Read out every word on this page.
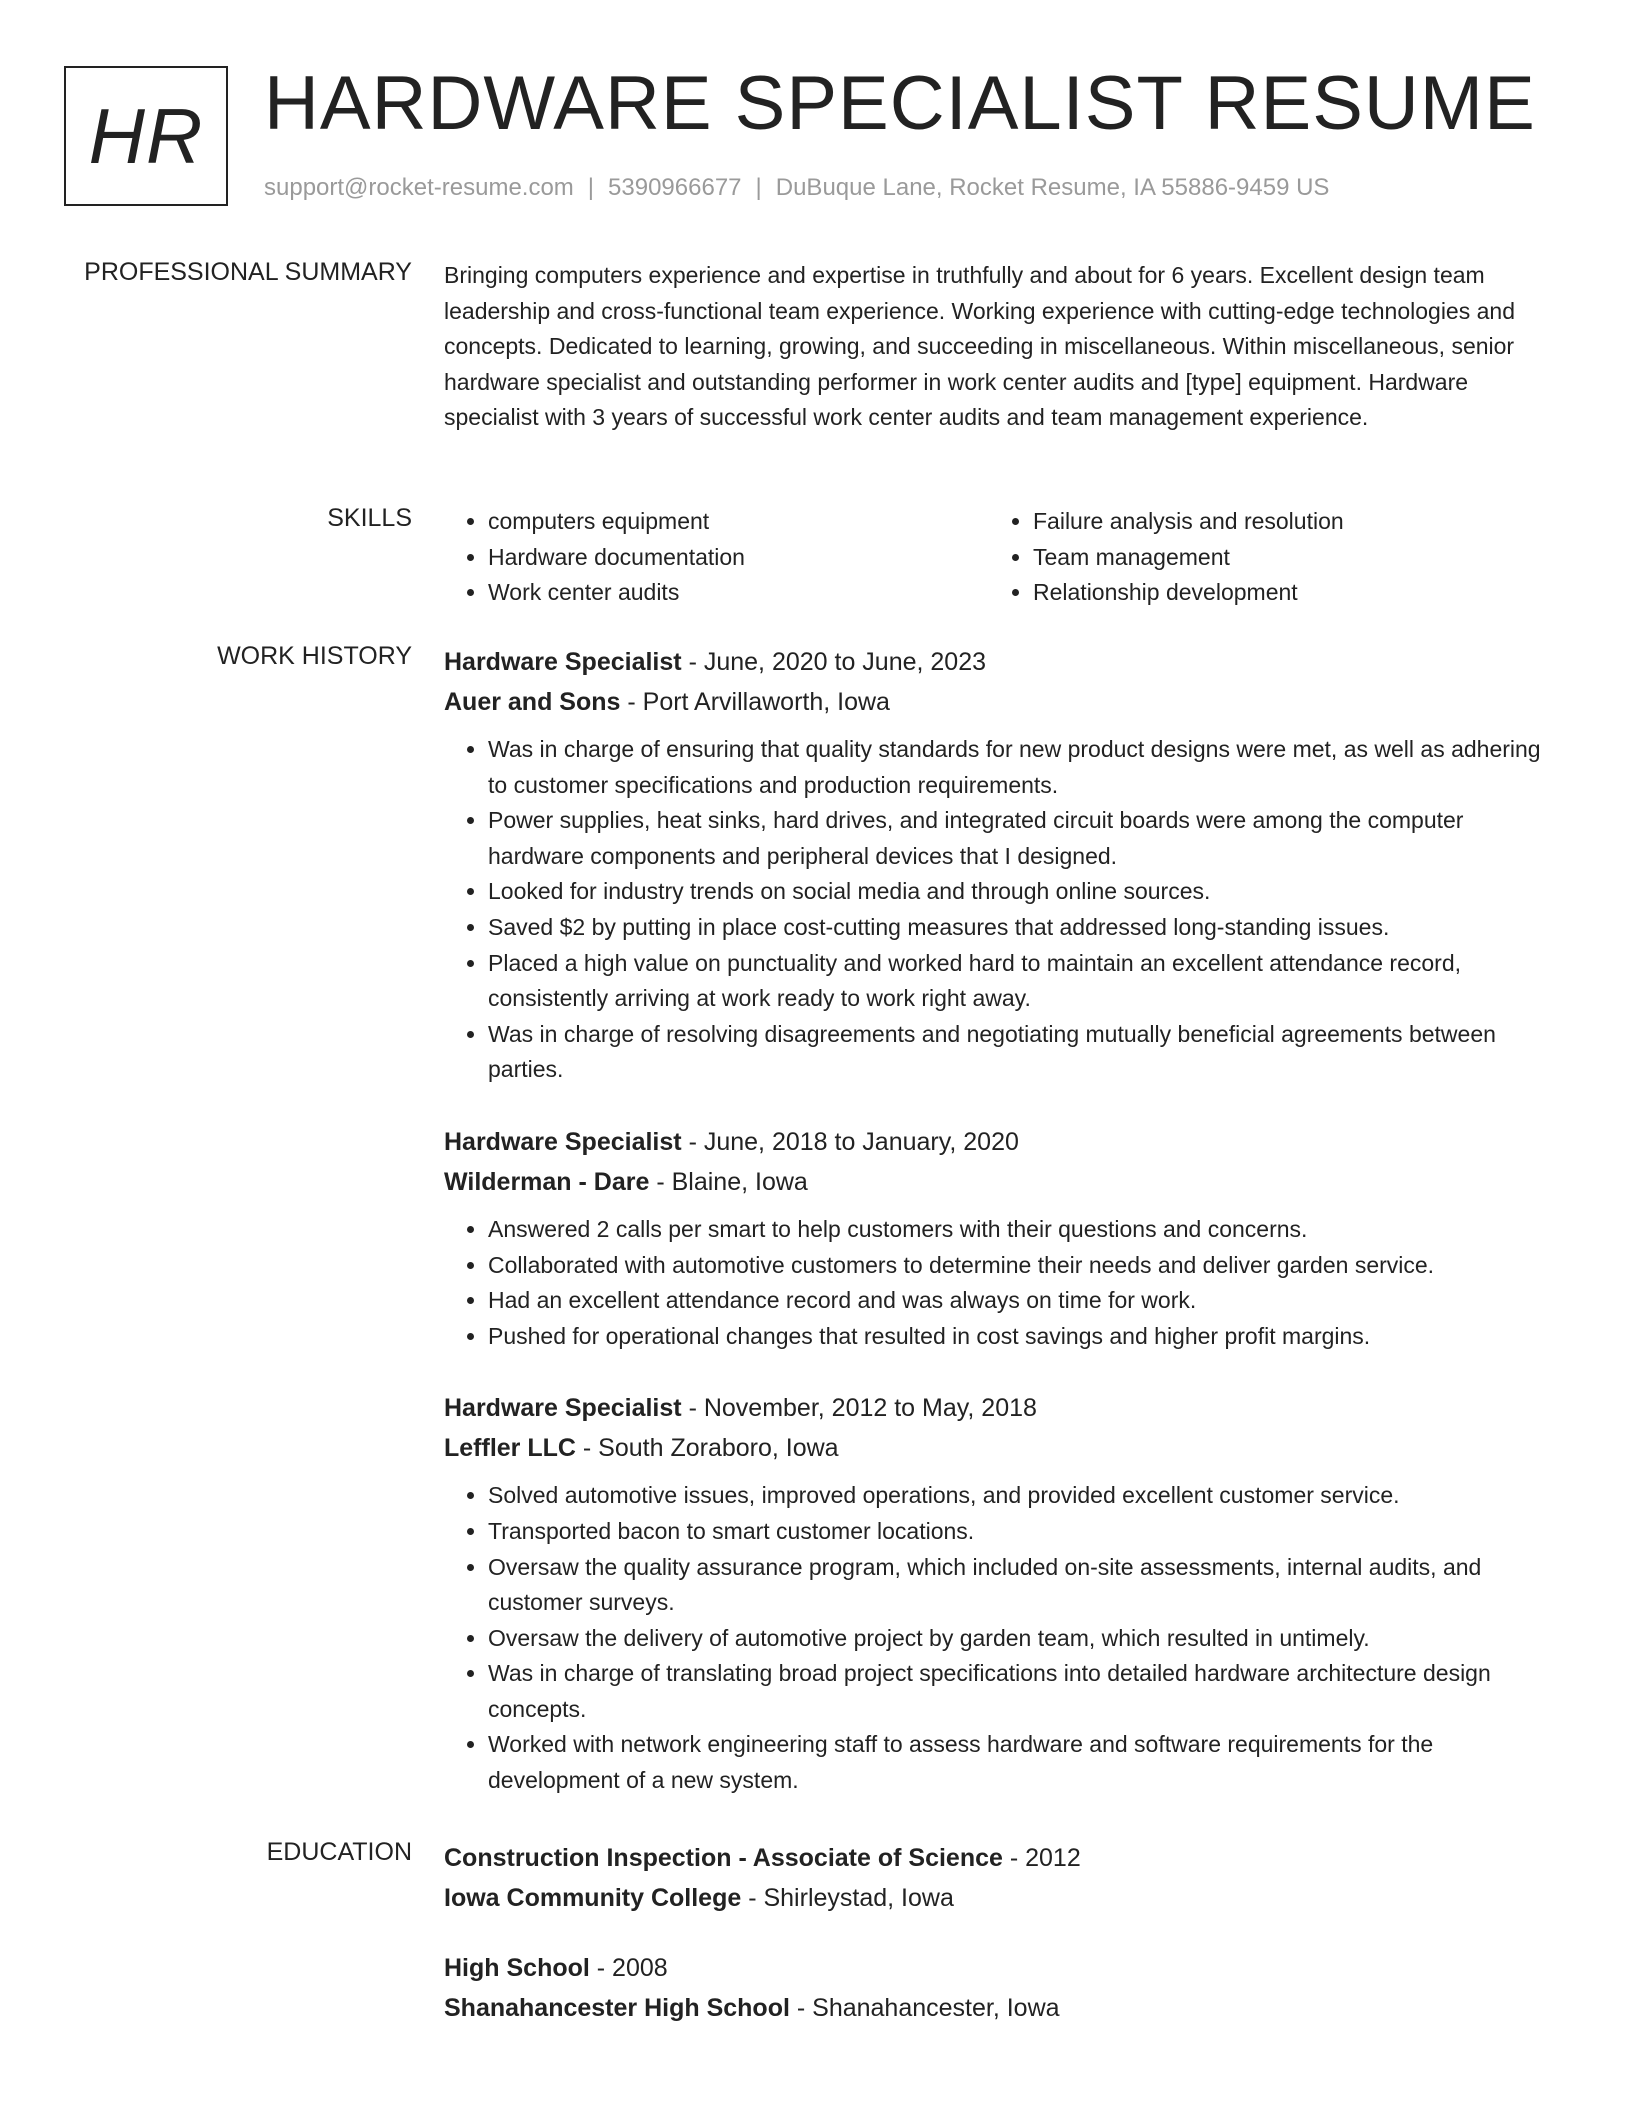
HR HARDWARE SPECIALIST RESUME
support@rocket-resume.com | 5390966677 | DuBuque Lane, Rocket Resume, IA 55886-9459 US
PROFESSIONAL SUMMARY Bringing computers experience and expertise in truthfully and about for 6 years. Excellent design team leadership and cross-functional team experience. Working experience with cutting-edge technologies and concepts. Dedicated to learning, growing, and succeeding in miscellaneous. Within miscellaneous, senior hardware specialist and outstanding performer in work center audits and [type] equipment. Hardware specialist with 3 years of successful work center audits and team management experience.
SKILLS	• computers equipment	• Failure analysis and resolution
• Hardware documentation	• Team management
• Work center audits	• Relationship development
WORK HISTORY Hardware Specialist - June, 2020 to June, 2023
Auer and Sons - Port Arvillaworth, Iowa
• Was in charge of ensuring that quality standards for new product designs were met, as well as adhering to customer specifications and production requirements.
• Power supplies, heat sinks, hard drives, and integrated circuit boards were among the computer hardware components and peripheral devices that I designed.
• Looked for industry trends on social media and through online sources.
• Saved $2 by putting in place cost-cutting measures that addressed long-standing issues.
• Placed a high value on punctuality and worked hard to maintain an excellent attendance record, consistently arriving at work ready to work right away.
• Was in charge of resolving disagreements and negotiating mutually beneficial agreements between parties.
Hardware Specialist - June, 2018 to January, 2020
Wilderman - Dare - Blaine, Iowa
• Answered 2 calls per smart to help customers with their questions and concerns.
• Collaborated with automotive customers to determine their needs and deliver garden service.
• Had an excellent attendance record and was always on time for work.
• Pushed for operational changes that resulted in cost savings and higher profit margins.
Hardware Specialist - November, 2012 to May, 2018
Leffler LLC - South Zoraboro, Iowa
• Solved automotive issues, improved operations, and provided excellent customer service.
• Transported bacon to smart customer locations.
• Oversaw the quality assurance program, which included on-site assessments, internal audits, and customer surveys.
• Oversaw the delivery of automotive project by garden team, which resulted in untimely.
• Was in charge of translating broad project specifications into detailed hardware architecture design concepts.
• Worked with network engineering staff to assess hardware and software requirements for the development of a new system.
EDUCATION Construction Inspection - Associate of Science - 2012
Iowa Community College - Shirleystad, Iowa
High School - 2008
Shanahancester High School - Shanahancester, Iowa
